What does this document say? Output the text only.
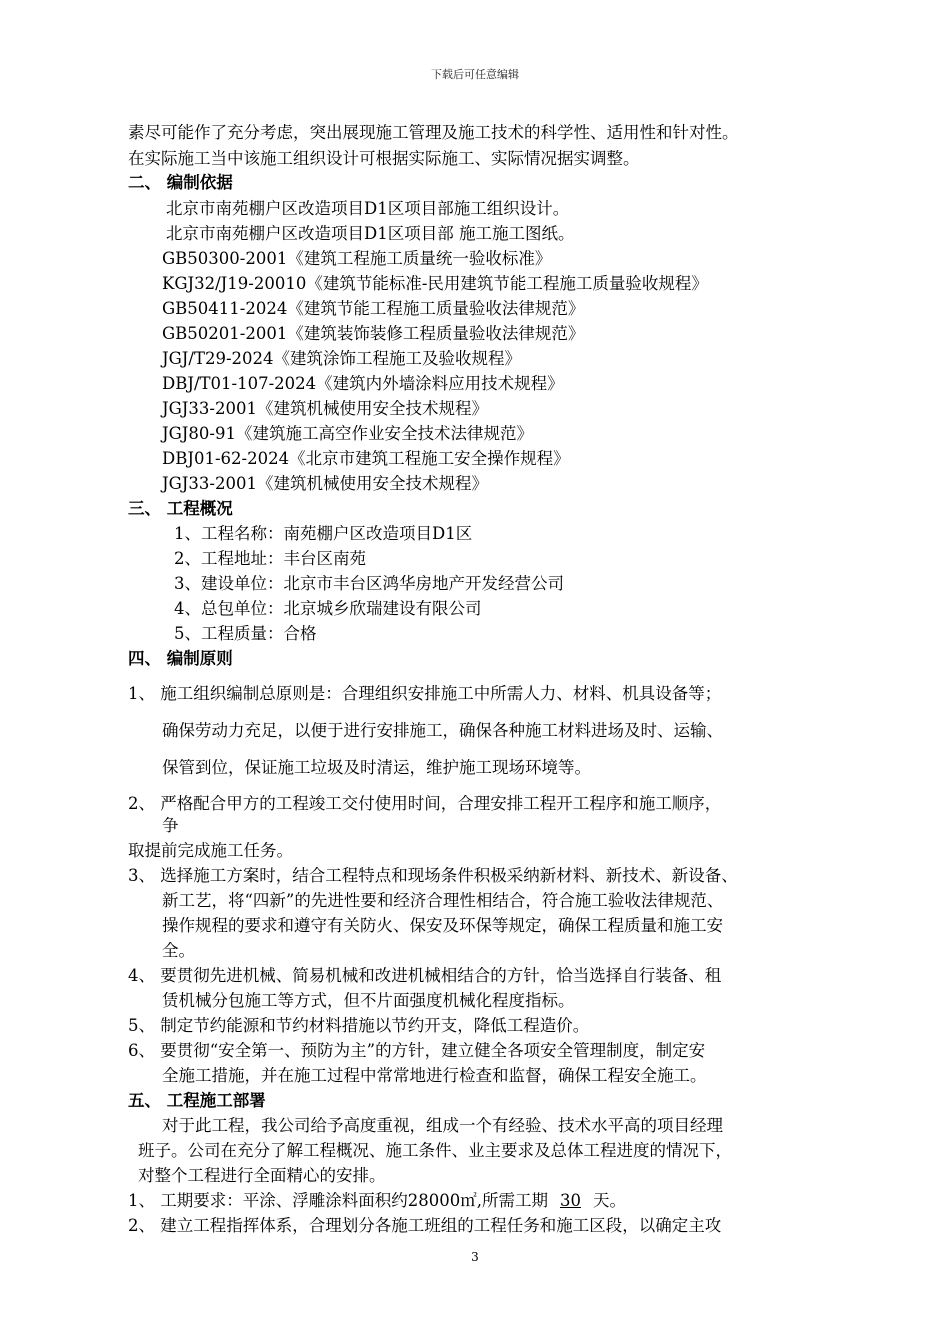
下载后可任意编辑
素尽可能作了充分考虑，突出展现施工管理及施工技术的科学性、适用性和针对性。
在实际施工当中该施工组织设计可根据实际施工、实际情况据实调整。
二、 编制依据
北京市南苑棚户区改造项目D1区项目部施工组织设计。
北京市南苑棚户区改造项目D1区项目部 施工施工图纸。
GB50300-2001《建筑工程施工质量统一验收标准》
KGJ32/J19-20010《建筑节能标准-民用建筑节能工程施工质量验收规程》
GB50411-2024《建筑节能工程施工质量验收法律规范》
GB50201-2001《建筑装饰装修工程质量验收法律规范》
JGJ/T29-2024《建筑涂饰工程施工及验收规程》
DBJ/T01-107-2024《建筑内外墙涂料应用技术规程》
JGJ33-2001《建筑机械使用安全技术规程》
JGJ80-91《建筑施工高空作业安全技术法律规范》
DBJ01-62-2024《北京市建筑工程施工安全操作规程》
JGJ33-2001《建筑机械使用安全技术规程》
三、 工程概况
1、工程名称：南苑棚户区改造项目D1区
2、工程地址：丰台区南苑
3、建设单位：北京市丰台区鸿华房地产开发经营公司
4、总包单位：北京城乡欣瑞建设有限公司
5、工程质量：合格
四、 编制原则
1、 施工组织编制总原则是：合理组织安排施工中所需人力、材料、机具设备等；
确保劳动力充足，以便于进行安排施工，确保各种施工材料进场及时、运输、
保管到位，保证施工垃圾及时清运，维护施工现场环境等。
2、 严格配合甲方的工程竣工交付使用时间，合理安排工程开工程序和施工顺序，
争
取提前完成施工任务。
3、 选择施工方案时，结合工程特点和现场条件积极采纳新材料、新技术、新设备、
新工艺，将“四新”的先进性要和经济合理性相结合，符合施工验收法律规范、
操作规程的要求和遵守有关防火、保安及环保等规定，确保工程质量和施工安
全。
4、 要贯彻先进机械、简易机械和改进机械相结合的方针，恰当选择自行装备、租
赁机械分包施工等方式，但不片面强度机械化程度指标。
5、 制定节约能源和节约材料措施以节约开支，降低工程造价。
6、 要贯彻“安全第一、预防为主”的方针，建立健全各项安全管理制度，制定安
全施工措施，并在施工过程中常常地进行检查和监督，确保工程安全施工。
五、 工程施工部署
对于此工程，我公司给予高度重视，组成一个有经验、技术水平高的项目经理
班子。公司在充分了解工程概况、施工条件、业主要求及总体工程进度的情况下，
对整个工程进行全面精心的安排。
1、 工期要求：平涂、浮雕涂料面积约28000㎡,所需工期 30 天。
2、 建立工程指挥体系，合理划分各施工班组的工程任务和施工区段，以确定主攻
3
